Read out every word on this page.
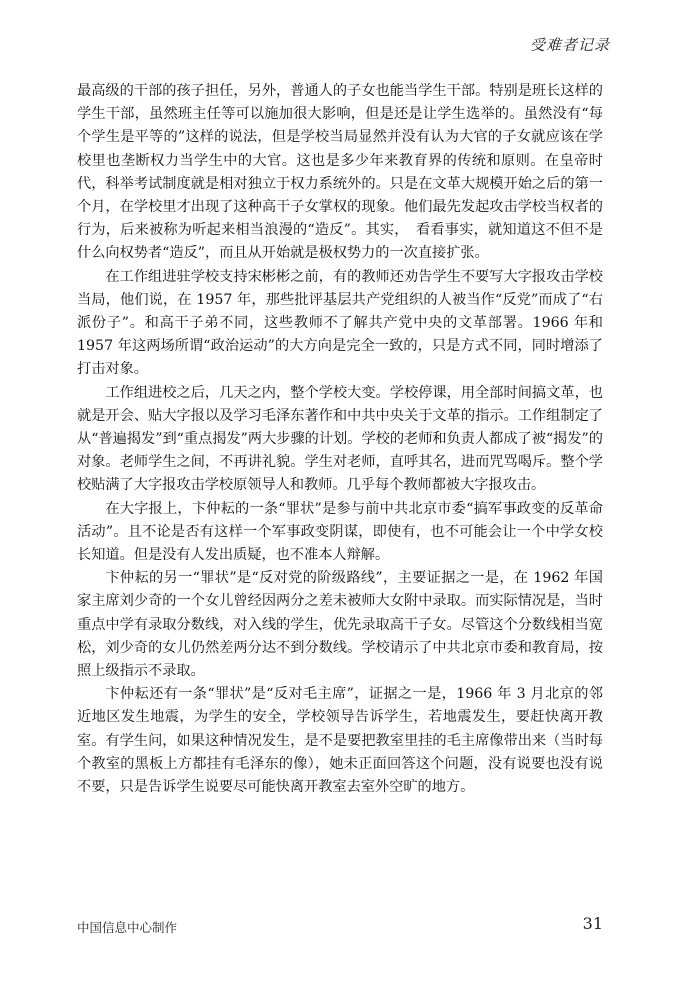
受难者记录

最高级的干部的孩子担任，另外，普通人的子女也能当学生干部。特别是班长这样的学生干部，虽然班主任等可以施加很大影响，但是还是让学生选举的。虽然没有“每个学生是平等的”这样的说法，但是学校当局显然并没有认为大官的子女就应该在学校里也垄断权力当学生中的大官。这也是多少年来教育界的传统和原则。在皇帝时代，科举考试制度就是相对独立于权力系统外的。只是在文革大规模开始之后的第一个月，在学校里才出现了这种高干子女掌权的现象。他们最先发起攻击学校当权者的行为，后来被称为听起来相当浪漫的“造反”。其实，　看看事实，就知道这不但不是什么向权势者“造反”，而且从开始就是极权势力的一次直接扩张。

在工作组进驻学校支持宋彬彬之前，有的教师还劝告学生不要写大字报攻击学校当局，他们说，在 1957 年，那些批评基层共产党组织的人被当作“反党”而成了“右派份子”。和高干子弟不同，这些教师不了解共产党中央的文革部署。1966 年和 1957 年这两场所谓“政治运动”的大方向是完全一致的，只是方式不同，同时增添了打击对象。

工作组进校之后，几天之内，整个学校大变。学校停课，用全部时间搞文革，也就是开会、贴大字报以及学习毛泽东著作和中共中央关于文革的指示。工作组制定了从“普遍揭发”到“重点揭发”两大步骤的计划。学校的老师和负责人都成了被“揭发”的对象。老师学生之间，不再讲礼貌。学生对老师，直呼其名，进而咒骂喝斥。整个学校贴满了大字报攻击学校原领导人和教师。几乎每个教师都被大字报攻击。

在大字报上，卞仲耘的一条“罪状”是参与前中共北京市委“搞军事政变的反革命活动”。且不论是否有这样一个军事政变阴谋，即使有，也不可能会让一个中学女校长知道。但是没有人发出质疑，也不准本人辩解。

卞仲耘的另一“罪状”是“反对党的阶级路线”，主要证据之一是，在 1962 年国家主席刘少奇的一个女儿曾经因两分之差未被师大女附中录取。而实际情况是，当时重点中学有录取分数线，对入线的学生，优先录取高干子女。尽管这个分数线相当宽松，刘少奇的女儿仍然差两分达不到分数线。学校请示了中共北京市委和教育局，按照上级指示不录取。

卞仲耘还有一条“罪状”是“反对毛主席”，证据之一是，1966 年 3 月北京的邻近地区发生地震，为学生的安全，学校领导告诉学生，若地震发生，要赶快离开教室。有学生问，如果这种情况发生，是不是要把教室里挂的毛主席像带出来（当时每个教室的黑板上方都挂有毛泽东的像），她未正面回答这个问题，没有说要也没有说不要，只是告诉学生说要尽可能快离开教室去室外空旷的地方。

中国信息中心制作	31
